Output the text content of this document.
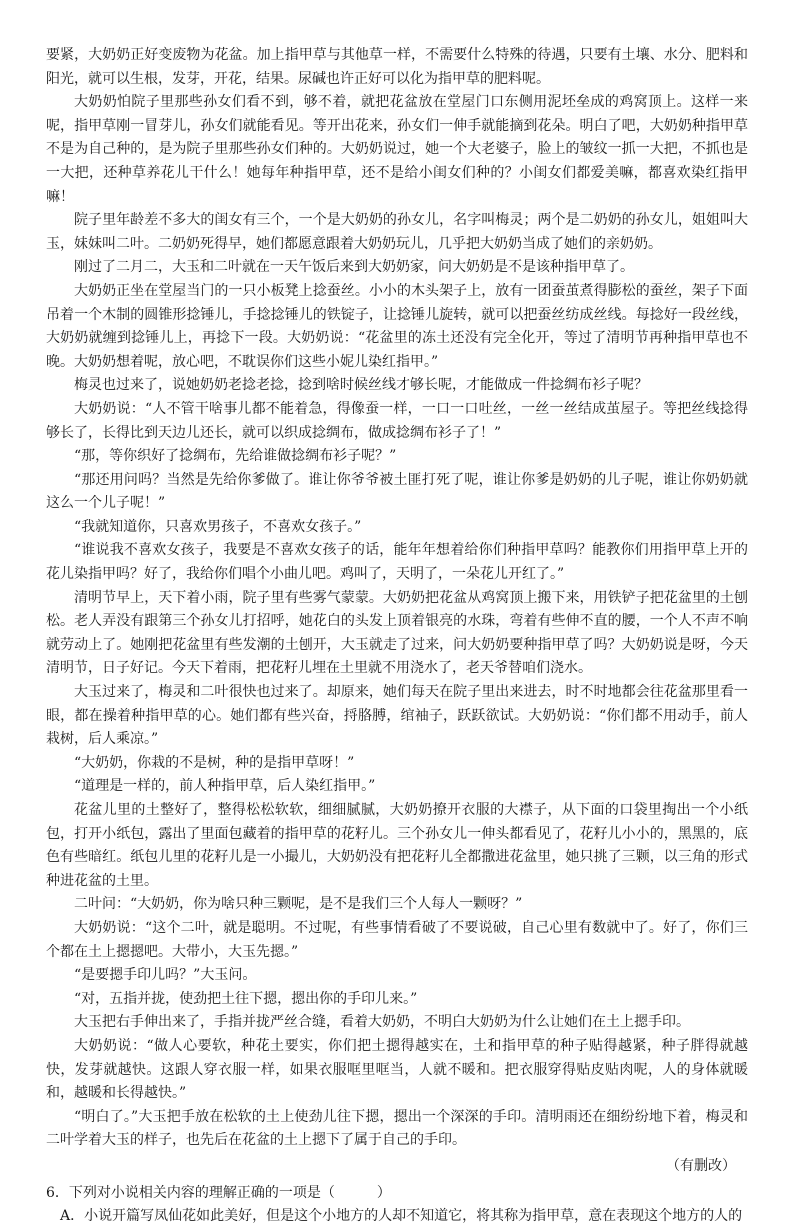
要紧，大奶奶正好变废物为花盆。加上指甲草与其他草一样，不需要什么特殊的待遇，只要有土壤、水分、肥料和阳光，就可以生根，发芽，开花，结果。尿碱也许正好可以化为指甲草的肥料呢。

大奶奶怕院子里那些孙女们看不到，够不着，就把花盆放在堂屋门口东侧用泥坯垒成的鸡窝顶上。这样一来呢，指甲草刚一冒芽儿，孙女们就能看见。等开出花来，孙女们一伸手就能摘到花朵。明白了吧，大奶奶种指甲草不是为自己种的，是为院子里那些孙女们种的。大奶奶说过，她一个大老婆子，脸上的皱纹一抓一大把，不抓也是一大把，还种草养花儿干什么！她每年种指甲草，还不是给小闺女们种的？小闺女们都爱美嘛，都喜欢染红指甲嘛！

院子里年龄差不多大的闺女有三个，一个是大奶奶的孙女儿，名字叫梅灵；两个是二奶奶的孙女儿，姐姐叫大玉，妹妹叫二叶。二奶奶死得早，她们都愿意跟着大奶奶玩儿，几乎把大奶奶当成了她们的亲奶奶。

刚过了二月二，大玉和二叶就在一天午饭后来到大奶奶家，问大奶奶是不是该种指甲草了。

大奶奶正坐在堂屋当门的一只小板凳上捻蚕丝。小小的木头架子上，放有一团蚕茧煮得膨松的蚕丝，架子下面吊着一个木制的圆锥形捻锤儿，手捻捻锤儿的铁锭子，让捻锤儿旋转，就可以把蚕丝纺成丝线。每捻好一段丝线，大奶奶就缠到捻锤儿上，再捻下一段。大奶奶说：“花盆里的冻土还没有完全化开，等过了清明节再种指甲草也不晚。大奶奶想着呢，放心吧，不耽误你们这些小妮儿染红指甲。”

梅灵也过来了，说她奶奶老捻老捻，捻到啥时候丝线才够长呢，才能做成一件捻绸布衫子呢？

大奶奶说：“人不管干啥事儿都不能着急，得像蚕一样，一口一口吐丝，一丝一丝结成茧屋子。等把丝线捻得够长了，长得比到天边儿还长，就可以织成捻绸布，做成捻绸布衫子了！”

“那，等你织好了捻绸布，先给谁做捻绸布衫子呢？”

“那还用问吗？当然是先给你爹做了。谁让你爷爷被土匪打死了呢，谁让你爹是奶奶的儿子呢，谁让你奶奶就这么一个儿子呢！”

“我就知道你，只喜欢男孩子，不喜欢女孩子。”

“谁说我不喜欢女孩子，我要是不喜欢女孩子的话，能年年想着给你们种指甲草吗？能教你们用指甲草上开的花儿染指甲吗？好了，我给你们唱个小曲儿吧。鸡叫了，天明了，一朵花儿开红了。”

清明节早上，天下着小雨，院子里有些雾气蒙蒙。大奶奶把花盆从鸡窝顶上搬下来，用铁铲子把花盆里的土刨松。老人弄没有跟第三个孙女儿打招呼，她花白的头发上顶着银亮的水珠，弯着有些伸不直的腰，一个人不声不响就劳动上了。她刚把花盆里有些发潮的土刨开，大玉就走了过来，问大奶奶要种指甲草了吗？大奶奶说是呀，今天清明节，日子好记。今天下着雨，把花籽儿埋在土里就不用浇水了，老天爷替咱们浇水。

大玉过来了，梅灵和二叶很快也过来了。却原来，她们每天在院子里出来进去，时不时地都会往花盆那里看一眼，都在操着种指甲草的心。她们都有些兴奋，捋胳膊，绾袖子，跃跃欲试。大奶奶说：“你们都不用动手，前人栽树，后人乘凉。”

“大奶奶，你栽的不是树，种的是指甲草呀！”

“道理是一样的，前人种指甲草，后人染红指甲。”

花盆儿里的土整好了，整得松松软软，细细腻腻，大奶奶撩开衣服的大襟子，从下面的口袋里掏出一个小纸包，打开小纸包，露出了里面包藏着的指甲草的花籽儿。三个孙女儿一伸头都看见了，花籽儿小小的，黑黑的，底色有些暗红。纸包儿里的花籽儿是一小撮儿，大奶奶没有把花籽儿全都撒进花盆里，她只挑了三颗，以三角的形式种进花盆的土里。

二叶问：“大奶奶，你为啥只种三颗呢，是不是我们三个人每人一颗呀？”

大奶奶说：“这个二叶，就是聪明。不过呢，有些事情看破了不要说破，自己心里有数就中了。好了，你们三个都在土上摁摁吧。大带小，大玉先摁。”

“是要摁手印儿吗？”大玉问。

“对，五指并拢，使劲把土往下摁，摁出你的手印儿来。”

大玉把右手伸出来了，手指并拢严丝合缝，看着大奶奶，不明白大奶奶为什么让她们在土上摁手印。

大奶奶说：“做人心要软，种花土要实，你们把土摁得越实在，土和指甲草的种子贴得越紧，种子胖得就越快，发芽就越快。这跟人穿衣服一样，如果衣服哐里哐当，人就不暖和。把衣服穿得贴皮贴肉呢，人的身体就暖和，越暖和长得越快。”

“明白了。”大玉把手放在松软的土上使劲儿往下摁，摁出一个深深的手印。清明雨还在细纷纷地下着，梅灵和二叶学着大玉的样子，也先后在花盆的土上摁下了属于自己的手印。

（有删改）

6．下列对小说相关内容的理解正确的一项是（　　　）

A．小说开篇写凤仙花如此美好，但是这个小地方的人却不知道它，将其称为指甲草，意在表现这个地方的人的
